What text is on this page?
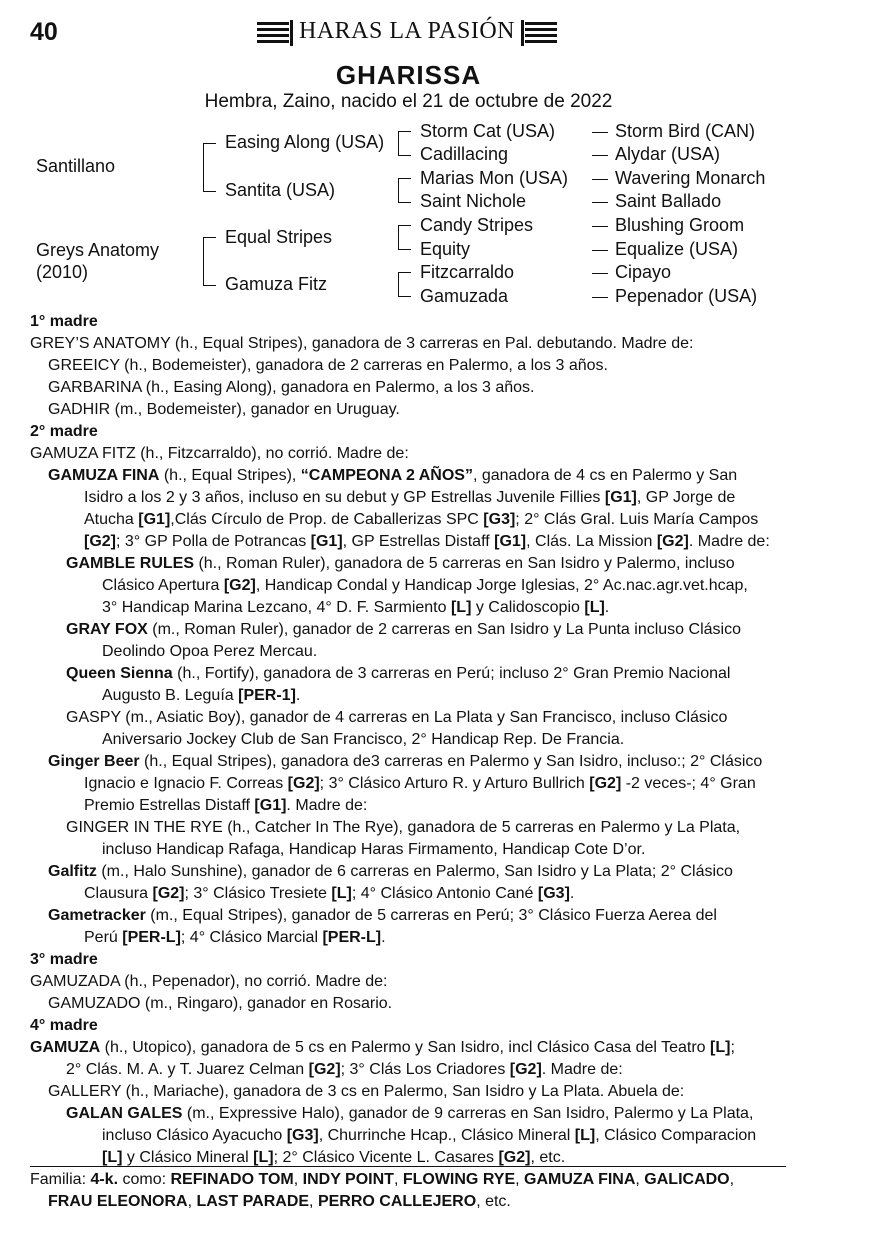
40	HARAS LA PASIÓN
GHARISSA
Hembra, Zaino, nacido el 21 de octubre de 2022
Santillano
Greys Anatomy
(2010)
Easing Along (USA)
Santita (USA)
Equal Stripes
Gamuza Fitz
Storm Cat (USA)
Cadillacing
Marias Mon (USA)
Saint Nichole
Candy Stripes
Equity
Fitzcarraldo
Gamuzada
Storm Bird (CAN)
Alydar (USA)
Wavering Monarch
Saint Ballado
Blushing Groom
Equalize (USA)
Cipayo
Pepenador (USA)
1° madre
GREY’S ANATOMY (h., Equal Stripes), ganadora de 3 carreras en Pal. debutando. Madre de:
GREEICY (h., Bodemeister), ganadora de 2 carreras en Palermo, a los 3 años.
GARBARINA (h., Easing Along), ganadora en Palermo, a los 3 años.
GADHIR (m., Bodemeister), ganador en Uruguay.
2° madre
GAMUZA FITZ (h., Fitzcarraldo), no corrió. Madre de:
GAMUZA FINA (h., Equal Stripes), “CAMPEONA 2 AÑOS”, ganadora de 4 cs en Palermo y San
Isidro a los 2 y 3 años, incluso en su debut y GP Estrellas Juvenile Fillies [G1], GP Jorge de
Atucha [G1],Clás Círculo de Prop. de Caballerizas SPC [G3]; 2° Clás Gral. Luis María Campos
[G2]; 3° GP Polla de Potrancas [G1], GP Estrellas Distaff [G1], Clás. La Mission [G2]. Madre de:
GAMBLE RULES (h., Roman Ruler), ganadora de 5 carreras en San Isidro y Palermo, incluso
Clásico Apertura [G2], Handicap Condal y Handicap Jorge Iglesias, 2° Ac.nac.agr.vet.hcap,
3° Handicap Marina Lezcano, 4° D. F. Sarmiento [L] y Calidoscopio [L].
GRAY FOX (m., Roman Ruler), ganador de 2 carreras en San Isidro y La Punta incluso Clásico
Deolindo Opoa Perez Mercau.
Queen Sienna (h., Fortify), ganadora de 3 carreras en Perú; incluso 2° Gran Premio Nacional
Augusto B. Leguía [PER-1].
GASPY (m., Asiatic Boy), ganador de 4 carreras en La Plata y San Francisco, incluso Clásico
Aniversario Jockey Club de San Francisco, 2° Handicap Rep. De Francia.
Ginger Beer (h., Equal Stripes), ganadora de3 carreras en Palermo y San Isidro, incluso:; 2° Clásico
Ignacio e Ignacio F. Correas [G2]; 3° Clásico Arturo R. y Arturo Bullrich [G2] -2 veces-; 4° Gran
Premio Estrellas Distaff [G1]. Madre de:
GINGER IN THE RYE (h., Catcher In The Rye), ganadora de 5 carreras en Palermo y La Plata,
incluso Handicap Rafaga, Handicap Haras Firmamento, Handicap Cote D’or.
Galfitz (m., Halo Sunshine), ganador de 6 carreras en Palermo, San Isidro y La Plata; 2° Clásico
Clausura [G2]; 3° Clásico Tresiete [L]; 4° Clásico Antonio Cané [G3].
Gametracker (m., Equal Stripes), ganador de 5 carreras en Perú; 3° Clásico Fuerza Aerea del
Perú [PER-L]; 4° Clásico Marcial [PER-L].
3° madre
GAMUZADA (h., Pepenador), no corrió. Madre de:
GAMUZADO (m., Ringaro), ganador en Rosario.
4° madre
GAMUZA (h., Utopico), ganadora de 5 cs en Palermo y San Isidro, incl Clásico Casa del Teatro [L];
2° Clás. M. A. y T. Juarez Celman [G2]; 3° Clás Los Criadores [G2]. Madre de:
GALLERY (h., Mariache), ganadora de 3 cs en Palermo, San Isidro y La Plata. Abuela de:
GALAN GALES (m., Expressive Halo), ganador de 9 carreras en San Isidro, Palermo y La Plata,
incluso Clásico Ayacucho [G3], Churrinche Hcap., Clásico Mineral [L], Clásico Comparacion
[L] y Clásico Mineral [L]; 2° Clásico Vicente L. Casares [G2], etc.
Familia: 4-k. como: REFINADO TOM, INDY POINT, FLOWING RYE, GAMUZA FINA, GALICADO,
FRAU ELEONORA, LAST PARADE, PERRO CALLEJERO, etc.
